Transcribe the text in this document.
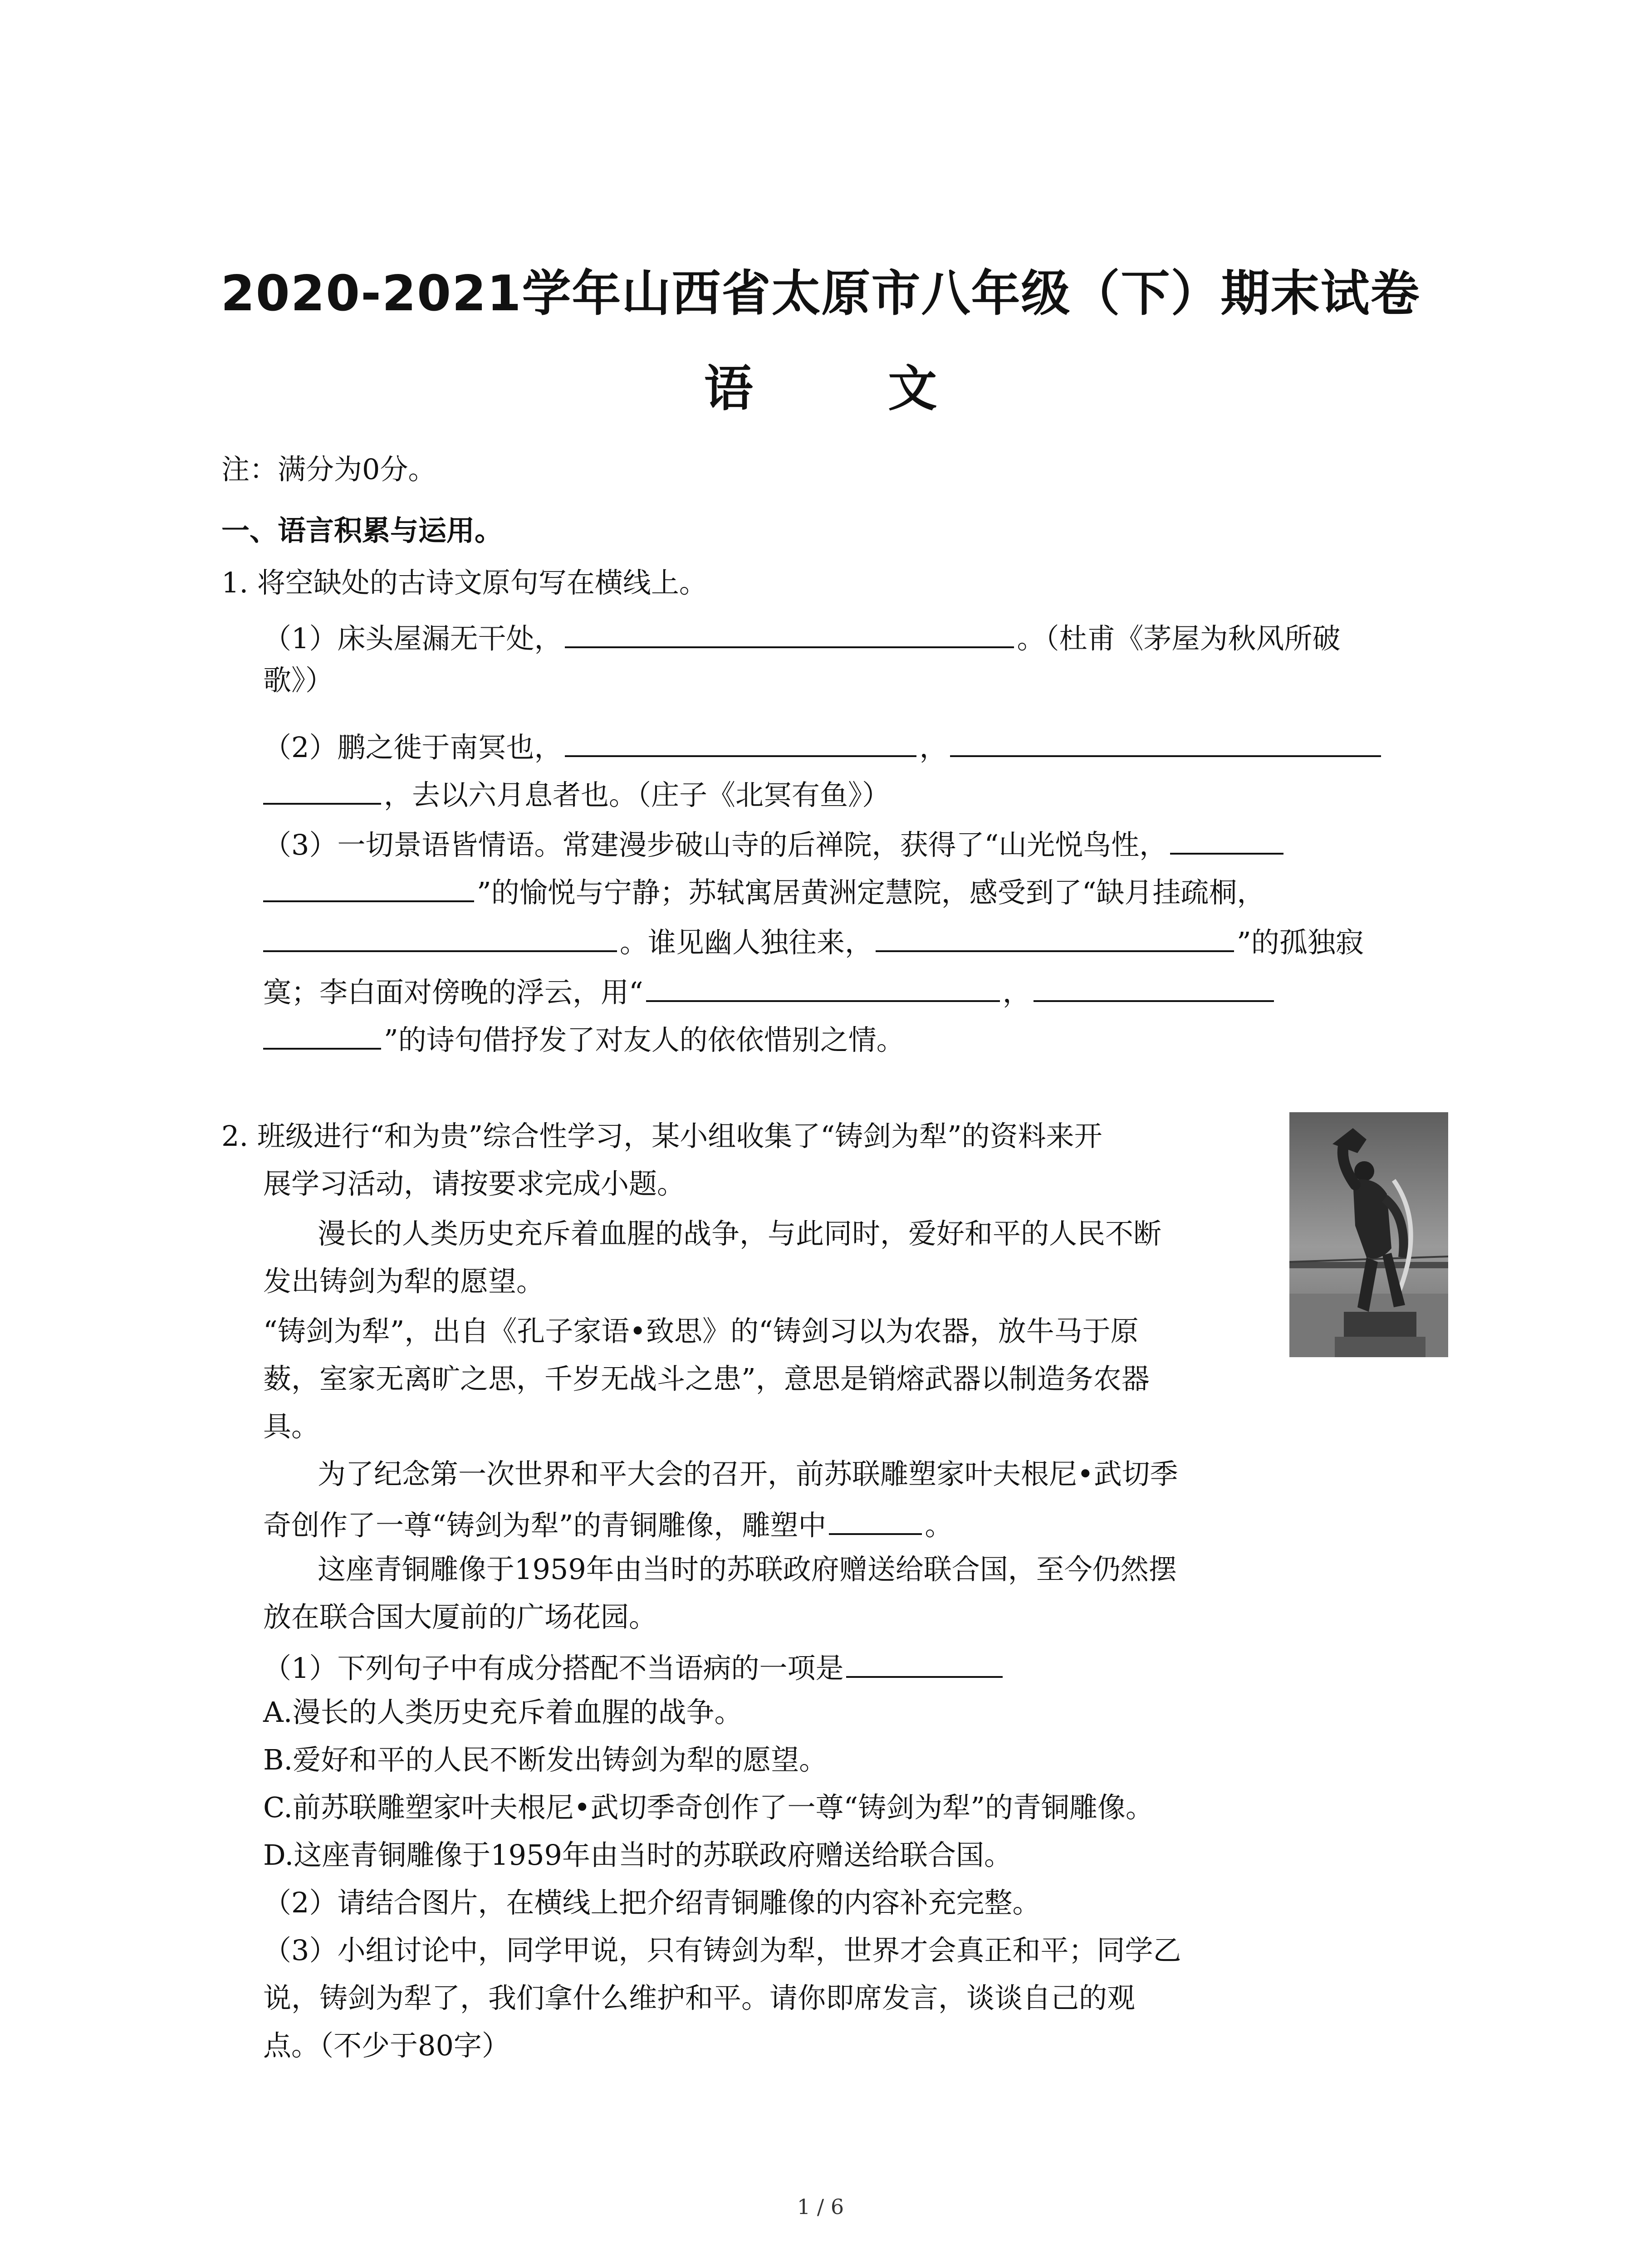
2020-2021学年山西省太原市八年级（下）期末试卷
语 文
注：满分为0分。
一、语言积累与运用。
1. 将空缺处的古诗文原句写在横线上。
（1）床头屋漏无干处，	。（杜甫《茅屋为秋风所破
歌》）
（2）鹏之徙于南冥也，	，
，去以六月息者也。（庄子《北冥有鱼》）
（3）一切景语皆情语。常建漫步破山寺的后禅院，获得了“山光悦鸟性，
”的愉悦与宁静；苏轼寓居黄洲定慧院，感受到了“缺月挂疏桐，
。谁见幽人独往来，	”的孤独寂
寞；李白面对傍晚的浮云，用“	，
”的诗句借抒发了对友人的依依惜别之情。
2. 班级进行“和为贵”综合性学习，某小组收集了“铸剑为犁”的资料来开
展学习活动，请按要求完成小题。
漫长的人类历史充斥着血腥的战争，与此同时，爱好和平的人民不断
发出铸剑为犁的愿望。
“铸剑为犁”，出自《孔子家语•致思》的“铸剑习以为农器，放牛马于原
薮，室家无离旷之思，千岁无战斗之患”，意思是销熔武器以制造务农器
具。
为了纪念第一次世界和平大会的召开，前苏联雕塑家叶夫根尼•武切季
奇创作了一尊“铸剑为犁”的青铜雕像，雕塑中	。
这座青铜雕像于1959年由当时的苏联政府赠送给联合国，至今仍然摆
放在联合国大厦前的广场花园。
（1）下列句子中有成分搭配不当语病的一项是
A.漫长的人类历史充斥着血腥的战争。
B.爱好和平的人民不断发出铸剑为犁的愿望。
C.前苏联雕塑家叶夫根尼•武切季奇创作了一尊“铸剑为犁”的青铜雕像。
D.这座青铜雕像于1959年由当时的苏联政府赠送给联合国。
（2）请结合图片，在横线上把介绍青铜雕像的内容补充完整。
（3）小组讨论中，同学甲说，只有铸剑为犁，世界才会真正和平；同学乙
说，铸剑为犁了，我们拿什么维护和平。请你即席发言，谈谈自己的观
点。（不少于80字）
1 / 6
